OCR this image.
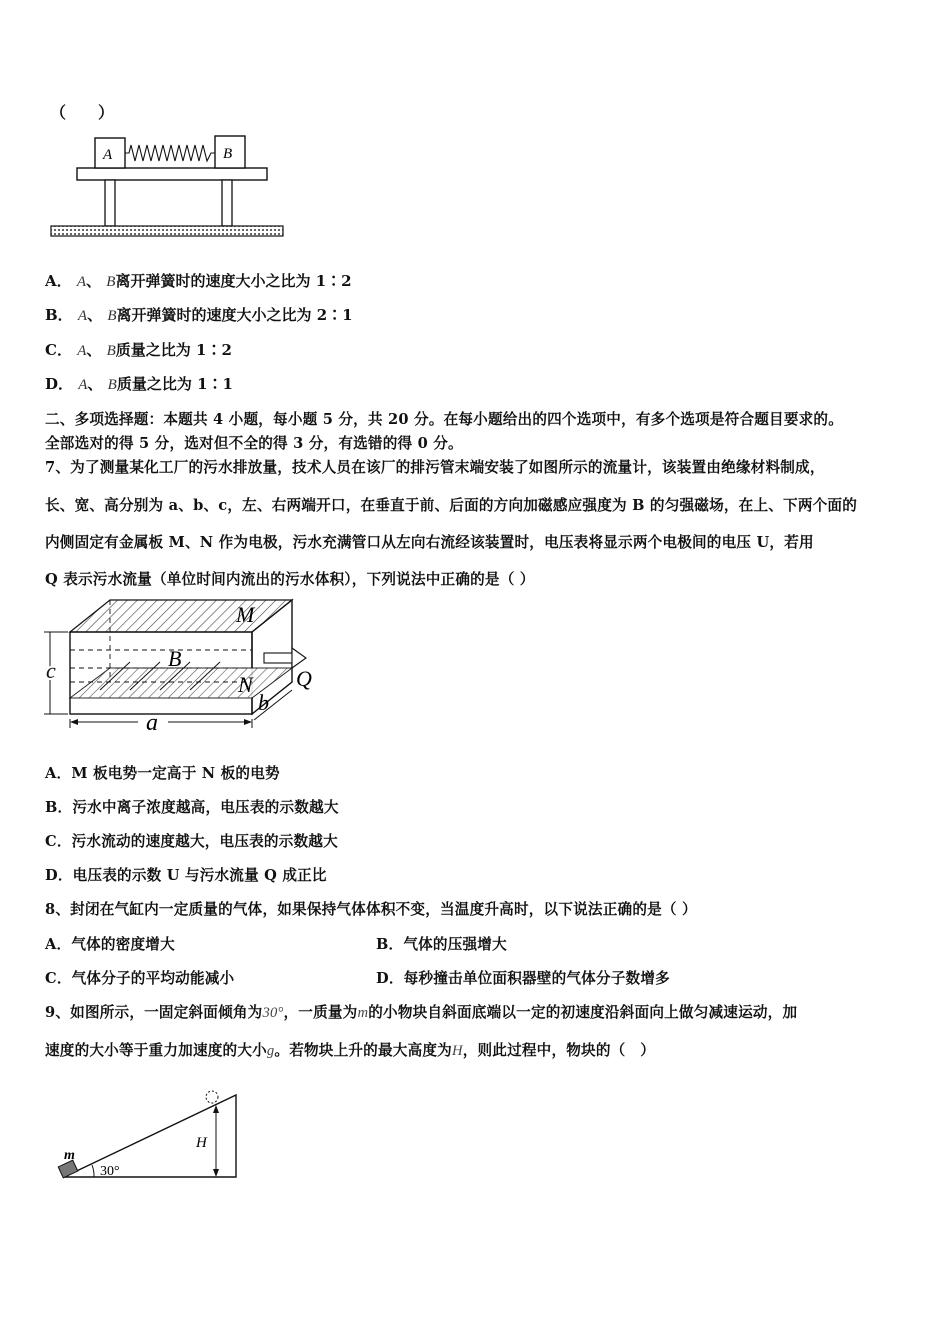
（　　）
A	B
A． A、 B离开弹簧时的速度大小之比为 1∶2
B． A、 B离开弹簧时的速度大小之比为 2∶1
C． A、 B质量之比为 1∶2
D． A、 B质量之比为 1∶1
二、多项选择题：本题共 4 小题，每小题 5 分，共 20 分。在每小题给出的四个选项中，有多个选项是符合题目要求的。
全部选对的得 5 分，选对但不全的得 3 分，有选错的得 0 分。
7、为了测量某化工厂的污水排放量，技术人员在该厂的排污管末端安装了如图所示的流量计，该装置由绝缘材料制成，
长、宽、高分别为 a、b、c，左、右两端开口，在垂直于前、后面的方向加磁感应强度为 B 的匀强磁场，在上、下两个面的
内侧固定有金属板 M、N 作为电极，污水充满管口从左向右流经该装置时，电压表将显示两个电极间的电压 U，若用
Q 表示污水流量（单位时间内流出的污水体积），下列说法中正确的是（ ）
M
B
N Q
c
a
b
A．M 板电势一定高于 N 板的电势
B．污水中离子浓度越高，电压表的示数越大
C．污水流动的速度越大，电压表的示数越大
D．电压表的示数 U 与污水流量 Q 成正比
8、封闭在气缸内一定质量的气体，如果保持气体体积不变，当温度升高时，以下说法正确的是（ ）
A．气体的密度增大	B．气体的压强增大
C．气体分子的平均动能减小	D．每秒撞击单位面积器壁的气体分子数增多
9、如图所示，一固定斜面倾角为30°，一质量为m的小物块自斜面底端以一定的初速度沿斜面向上做匀减速运动，加
速度的大小等于重力加速度的大小g。若物块上升的最大高度为H，则此过程中，物块的（　）
m
30°
H
